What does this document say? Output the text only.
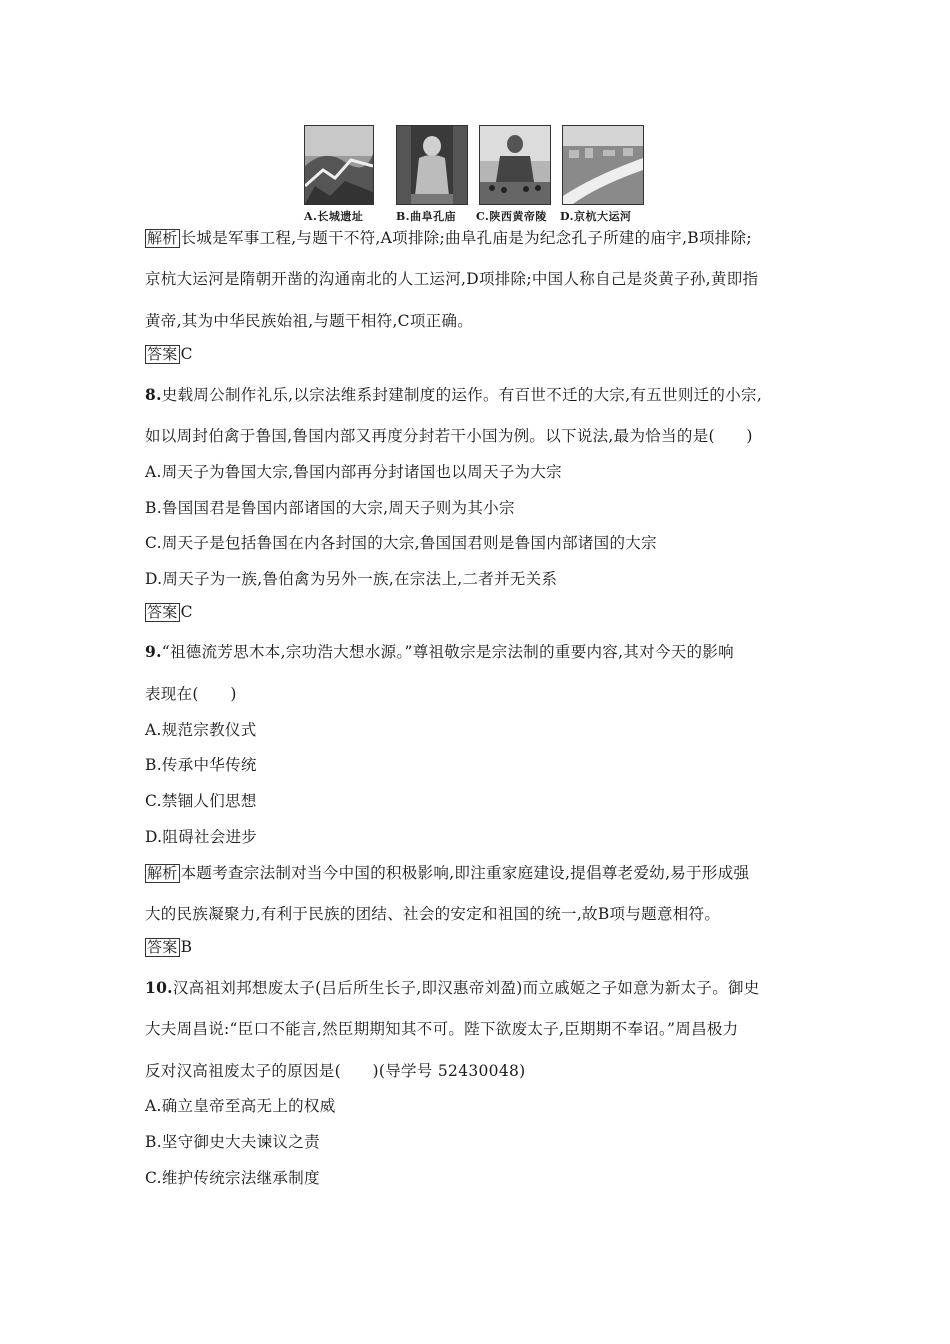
A.长城遗址	B.曲阜孔庙 C.陕西黄帝陵 D.京杭大运河
解析 长城是军事工程,与题干不符,A项排除;曲阜孔庙是为纪念孔子所建的庙宇,B项排除;
京杭大运河是隋朝开凿的沟通南北的人工运河,D项排除;中国人称自己是炎黄子孙,黄即指
黄帝,其为中华民族始祖,与题干相符,C项正确。
答案 C
8.史载周公制作礼乐,以宗法维系封建制度的运作。有百世不迁的大宗,有五世则迁的小宗,
如以周封伯禽于鲁国,鲁国内部又再度分封若干小国为例。以下说法,最为恰当的是(　　)
A.周天子为鲁国大宗,鲁国内部再分封诸国也以周天子为大宗
B.鲁国国君是鲁国内部诸国的大宗,周天子则为其小宗
C.周天子是包括鲁国在内各封国的大宗,鲁国国君则是鲁国内部诸国的大宗
D.周天子为一族,鲁伯禽为另外一族,在宗法上,二者并无关系
答案 C
9.“祖德流芳思木本,宗功浩大想水源。”尊祖敬宗是宗法制的重要内容,其对今天的影响
表现在(　　)
A.规范宗教仪式
B.传承中华传统
C.禁锢人们思想
D.阻碍社会进步
解析 本题考查宗法制对当今中国的积极影响,即注重家庭建设,提倡尊老爱幼,易于形成强
大的民族凝聚力,有利于民族的团结、社会的安定和祖国的统一,故B项与题意相符。
答案 B
10.汉高祖刘邦想废太子(吕后所生长子,即汉惠帝刘盈)而立戚姬之子如意为新太子。御史
大夫周昌说:“臣口不能言,然臣期期知其不可。陛下欲废太子,臣期期不奉诏。”周昌极力
反对汉高祖废太子的原因是(　　)(导学号 52430048)
A.确立皇帝至高无上的权威
B.坚守御史大夫谏议之责
C.维护传统宗法继承制度
